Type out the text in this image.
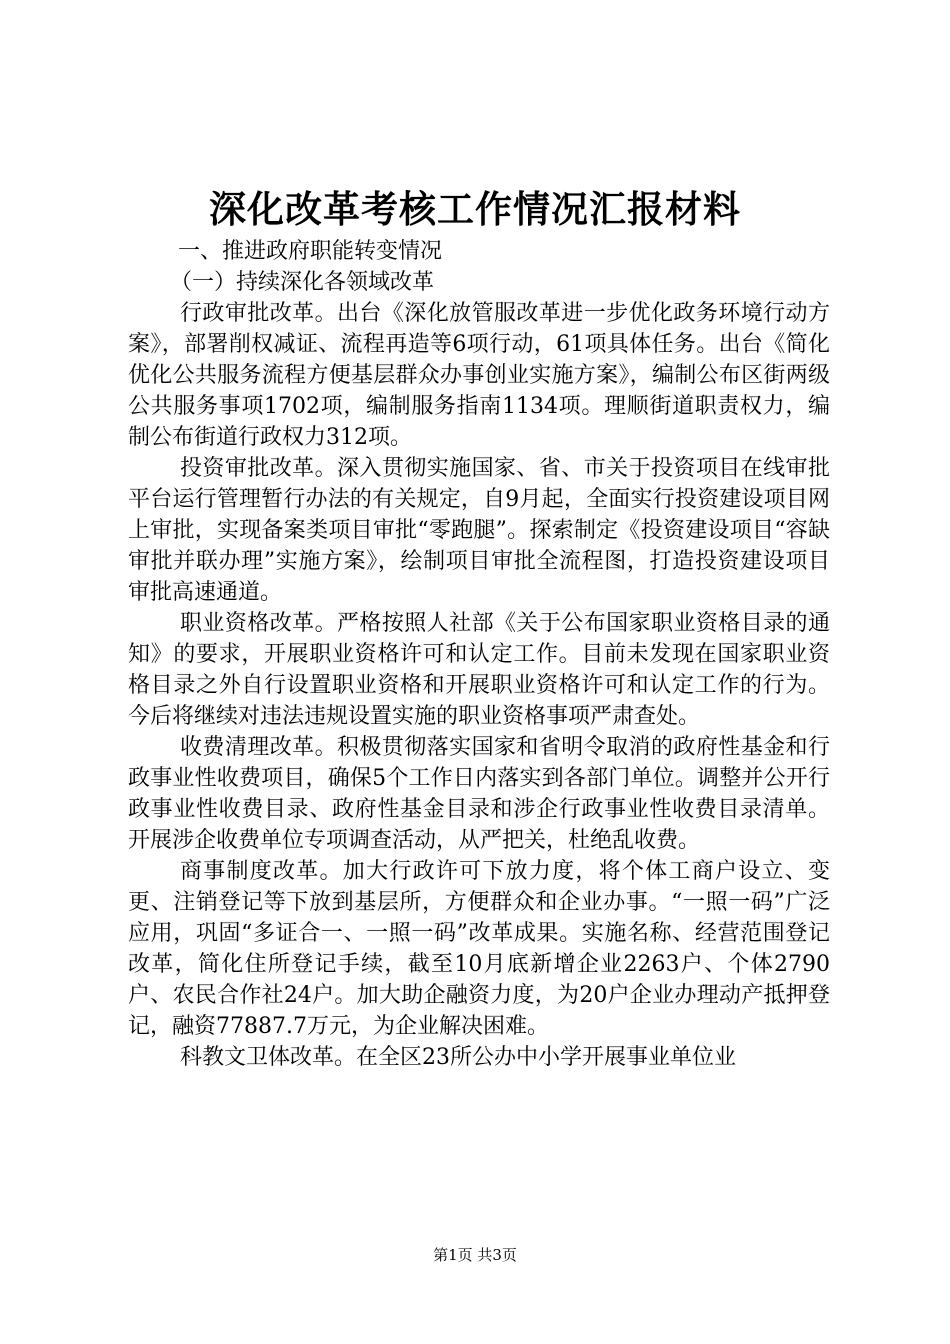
深化改革考核工作情况汇报材料

一、推进政府职能转变情况

（一）持续深化各领域改革

行政审批改革。出台《深化放管服改革进一步优化政务环境行动方案》，部署削权减证、流程再造等6项行动，61项具体任务。出台《简化优化公共服务流程方便基层群众办事创业实施方案》，编制公布区街两级公共服务事项1702项，编制服务指南1134项。理顺街道职责权力，编制公布街道行政权力312项。

投资审批改革。深入贯彻实施国家、省、市关于投资项目在线审批平台运行管理暂行办法的有关规定，自9月起，全面实行投资建设项目网上审批，实现备案类项目审批“零跑腿”。探索制定《投资建设项目“容缺审批并联办理”实施方案》，绘制项目审批全流程图，打造投资建设项目审批高速通道。

职业资格改革。严格按照人社部《关于公布国家职业资格目录的通知》的要求，开展职业资格许可和认定工作。目前未发现在国家职业资格目录之外自行设置职业资格和开展职业资格许可和认定工作的行为。今后将继续对违法违规设置实施的职业资格事项严肃查处。

收费清理改革。积极贯彻落实国家和省明令取消的政府性基金和行政事业性收费项目，确保5个工作日内落实到各部门单位。调整并公开行政事业性收费目录、政府性基金目录和涉企行政事业性收费目录清单。开展涉企收费单位专项调查活动，从严把关，杜绝乱收费。

商事制度改革。加大行政许可下放力度，将个体工商户设立、变更、注销登记等下放到基层所，方便群众和企业办事。“一照一码”广泛应用，巩固“多证合一、一照一码”改革成果。实施名称、经营范围登记改革，简化住所登记手续，截至10月底新增企业2263户、个体2790户、农民合作社24户。加大助企融资力度，为20户企业办理动产抵押登记，融资77887.7万元，为企业解决困难。

科教文卫体改革。在全区23所公办中小学开展事业单位业

第1页 共3页
